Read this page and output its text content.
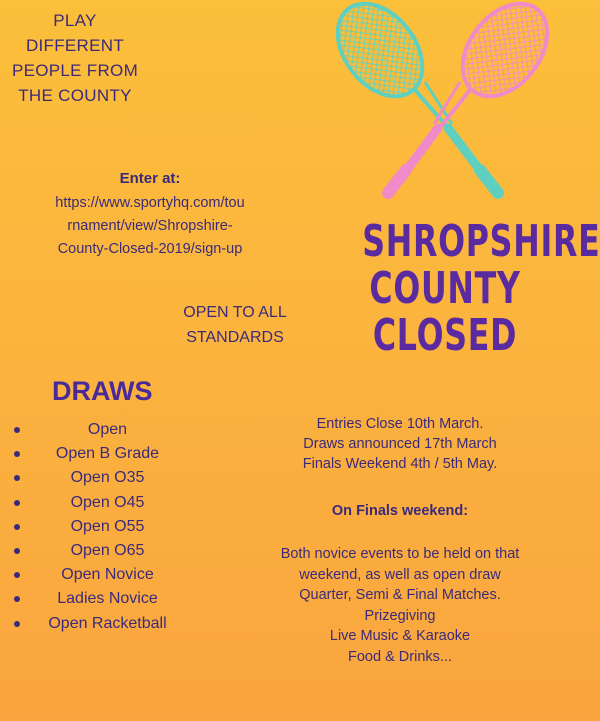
PLAY
DIFFERENT
PEOPLE FROM
THE COUNTY
Enter at:
https://www.sportyhq.com/tou
rnament/view/Shropshire-
County-Closed-2019/sign-up	SHROPSHIRE
COUNTY
CLOSED
OPEN TO ALL
STANDARDS
DRAWS
Open
Open B Grade
Open O35
Open O45
Open O55
Open O65
Open Novice
Ladies Novice
Open Racketball
Entries Close 10th March.
Draws announced 17th March
Finals Weekend 4th / 5th May.
On Finals weekend:
Both novice events to be held on that
weekend, as well as open draw
Quarter, Semi & Final Matches.
Prizegiving
Live Music & Karaoke
Food & Drinks...
